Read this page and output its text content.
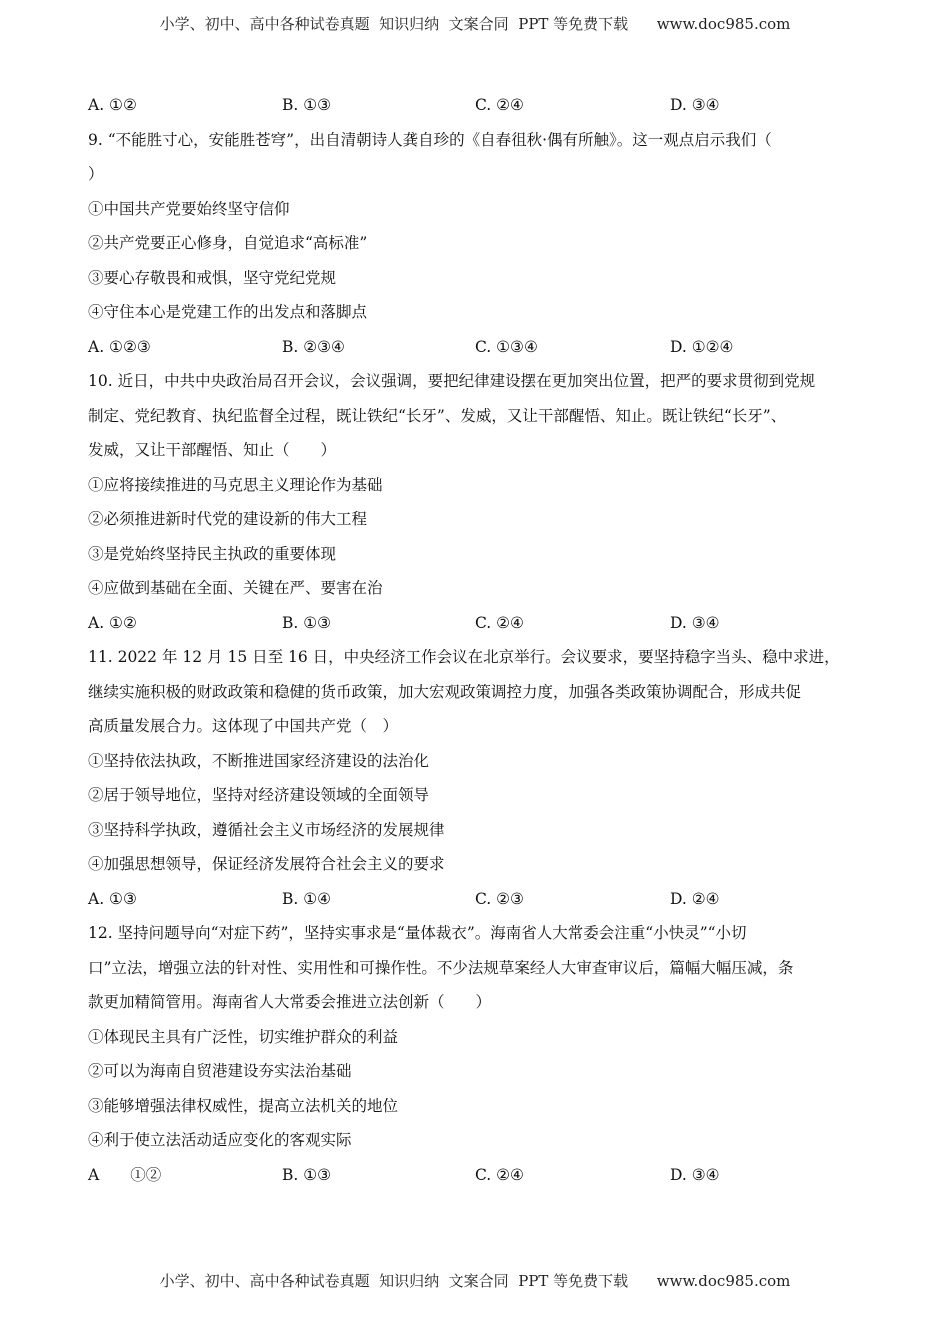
小学、初中、高中各种试卷真题  知识归纳  文案合同  PPT 等免费下载      www.doc985.com
A. ①②	B. ①③	C. ②④	D. ③④
9. “不能胜寸心，安能胜苍穹”，出自清朝诗人龚自珍的《自春徂秋·偶有所触》。这一观点启示我们（
）
①中国共产党要始终坚守信仰
②共产党要正心修身，自觉追求“高标准”
③要心存敬畏和戒惧，坚守党纪党规
④守住本心是党建工作的出发点和落脚点
A. ①②③	B. ②③④	C. ①③④	D. ①②④
10. 近日，中共中央政治局召开会议，会议强调，要把纪律建设摆在更加突出位置，把严的要求贯彻到党规
制定、党纪教育、执纪监督全过程，既让铁纪“长牙”、发威，又让干部醒悟、知止。既让铁纪“长牙”、
发威，又让干部醒悟、知止（　　）
①应将接续推进的马克思主义理论作为基础
②必须推进新时代党的建设新的伟大工程
③是党始终坚持民主执政的重要体现
④应做到基础在全面、关键在严、要害在治
A. ①②	B. ①③	C. ②④	D. ③④
11. 2022 年 12 月 15 日至 16 日，中央经济工作会议在北京举行。会议要求，要坚持稳字当头、稳中求进，
继续实施积极的财政政策和稳健的货币政策，加大宏观政策调控力度，加强各类政策协调配合，形成共促
高质量发展合力。这体现了中国共产党（　）
①坚持依法执政，不断推进国家经济建设的法治化
②居于领导地位，坚持对经济建设领域的全面领导
③坚持科学执政，遵循社会主义市场经济的发展规律
④加强思想领导，保证经济发展符合社会主义的要求
A. ①③	B. ①④	C. ②③	D. ②④
12. 坚持问题导向“对症下药”，坚持实事求是“量体裁衣”。海南省人大常委会注重“小快灵”“小切
口”立法，增强立法的针对性、实用性和可操作性。不少法规草案经人大审查审议后，篇幅大幅压减，条
款更加精简管用。海南省人大常委会推进立法创新（　　）
①体现民主具有广泛性，切实维护群众的利益
②可以为海南自贸港建设夯实法治基础
③能够增强法律权威性，提高立法机关的地位
④利于使立法活动适应变化的客观实际
A　　①②	B. ①③	C. ②④	D. ③④
小学、初中、高中各种试卷真题  知识归纳  文案合同  PPT 等免费下载      www.doc985.com
